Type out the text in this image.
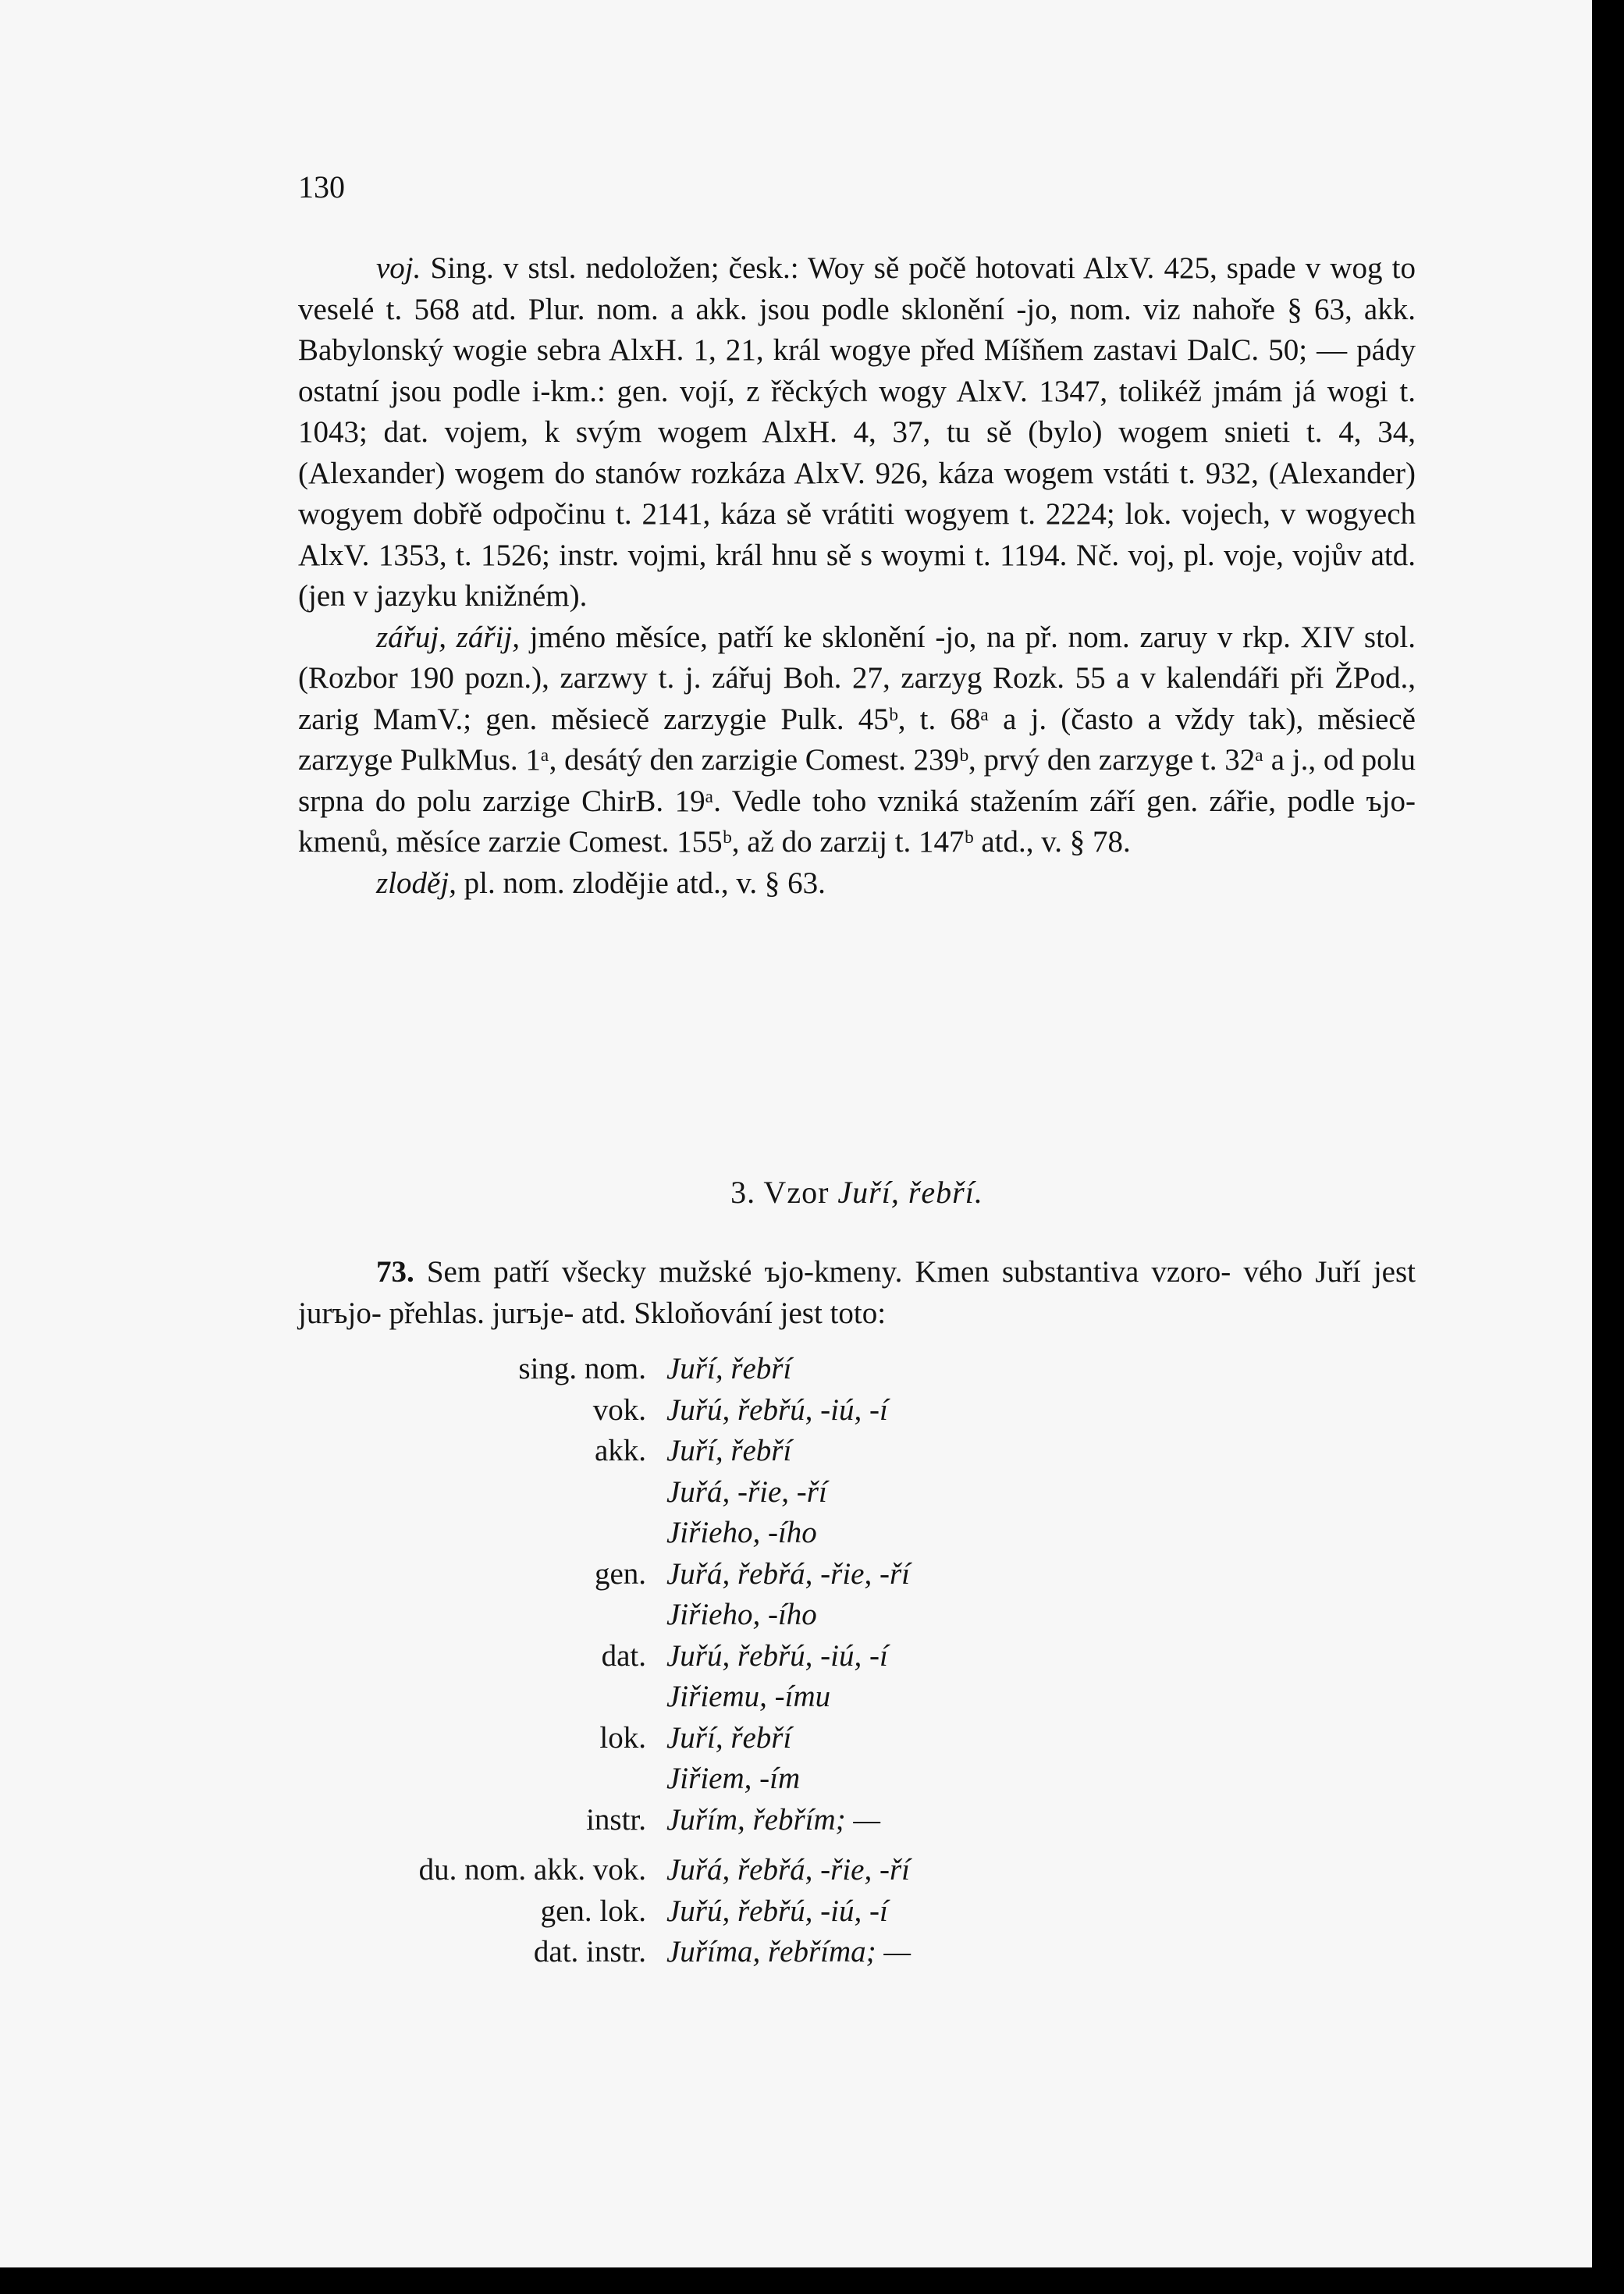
130

voj. Sing. v stsl. nedoložen; česk.: Woy sě počě hotovati AlxV. 425, spade v wog to veselé t. 568 atd. Plur. nom. a akk. jsou podle sklonění -jo, nom. viz nahoře § 63, akk. Babylonský wogie sebra AlxH. 1, 21, král wogye před Míšňem zastavi DalC. 50; — pády ostatní jsou podle i-km.: gen. vojí, z řěckých wogy AlxV. 1347, tolikéž jmám já wogi t. 1043; dat. vojem, k svým wogem AlxH. 4, 37, tu sě (bylo) wogem snieti t. 4, 34, (Alexander) wogem do stanów rozkáza AlxV. 926, káza wogem vstáti t. 932, (Alexander) wogyem dobřě odpočinu t. 2141, káza sě vrátiti wogyem t. 2224; lok. vojech, v wogyech AlxV. 1353, t. 1526; instr. vojmi, král hnu sě s woymi t. 1194. Nč. voj, pl. voje, vojův atd. (jen v jazyku knižném).

zářuj, zářij, jméno měsíce, patří ke sklonění -jo, na př. nom. zaruy v rkp. XIV stol. (Rozbor 190 pozn.), zarzwy t. j. zářuj Boh. 27, zarzyg Rozk. 55 a v kalendáři při ŽPod., zarig MamV.; gen. měsiecě zarzygie Pulk. 45ᵇ, t. 68ᵃ a j. (často a vždy tak), měsiecě zarzyge PulkMus. 1ᵃ, desátý den zarzigie Comest. 239ᵇ, prvý den zarzyge t. 32ᵃ a j., od polu srpna do polu zarzige ChirB. 19ᵃ. Vedle toho vzniká stažením září gen. zářie, podle ъjo-kmenů, měsíce zarzie Comest. 155ᵇ, až do zarzij t. 147ᵇ atd., v. § 78.

zloděj, pl. nom. zlodějie atd., v. § 63.

3. Vzor Juří, řebří.

73. Sem patří všecky mužské ъjo-kmeny. Kmen substantiva vzoro- vého Juří jest jurъjo- přehlas. jurъje- atd. Skloňování jest toto:

sing. nom. Juří, řebří
vok. Juřú, řebřú, -iú, -í
akk. Juří, řebří
Juřá, -řie, -ří
Jiřieho, -ího
gen. Juřá, řebřá, -řie, -ří
Jiřieho, -ího
dat. Juřú, řebřú, -iú, -í
Jiřiemu, -ímu
lok. Juří, řebří
Jiřiem, -ím
instr. Juřím, řebřím; —
du. nom. akk. vok. Juřá, řebřá, -řie, -ří
gen. lok. Juřú, řebřú, -iú, -í
dat. instr. Juříma, řebříma; —
